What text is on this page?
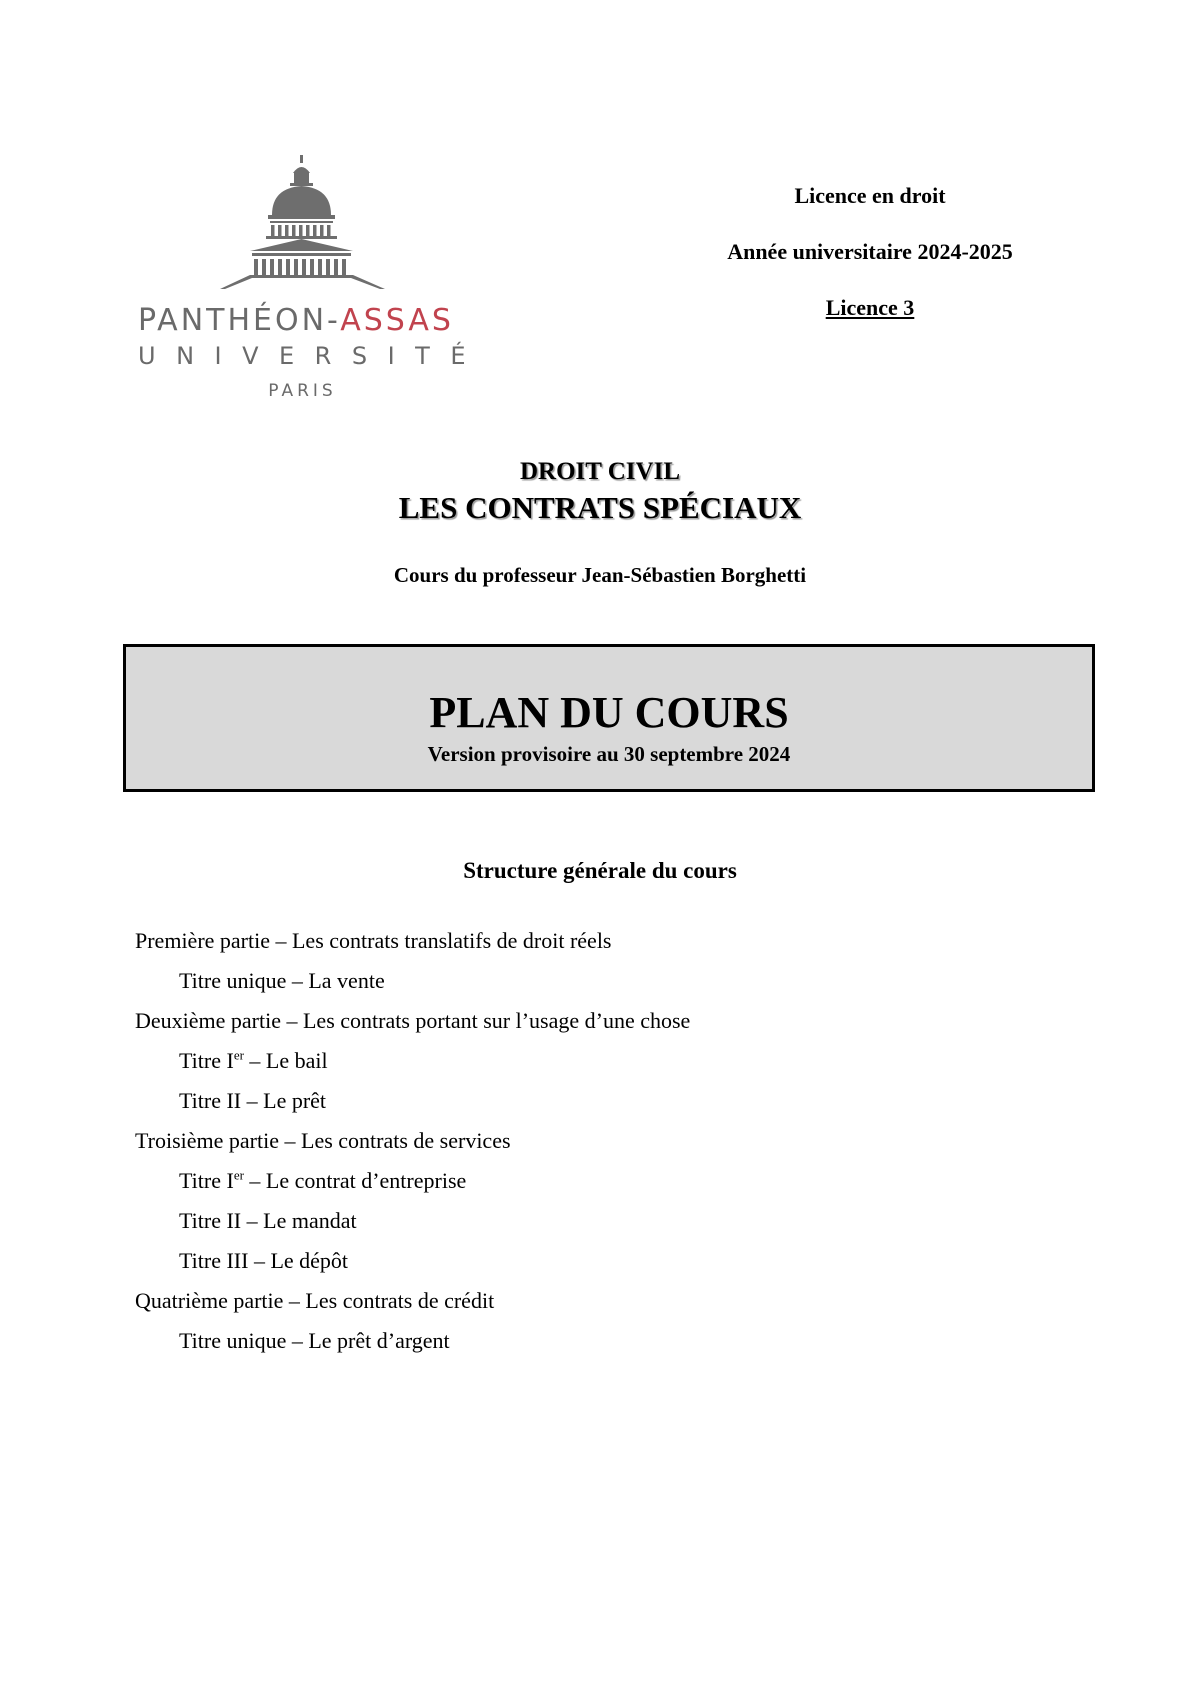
PANTHÉON-ASSAS
UNIVERSITÉ
PARIS
Licence en droit
Année universitaire 2024-2025
Licence 3
DROIT CIVIL
LES CONTRATS SPÉCIAUX
Cours du professeur Jean-Sébastien Borghetti
PLAN DU COURS
Version provisoire au 30 septembre 2024
Structure générale du cours
Première partie – Les contrats translatifs de droit réels
Titre unique – La vente
Deuxième partie – Les contrats portant sur l’usage d’une chose
Titre Ier – Le bail
Titre II – Le prêt
Troisième partie – Les contrats de services
Titre Ier – Le contrat d’entreprise
Titre II – Le mandat
Titre III – Le dépôt
Quatrième partie – Les contrats de crédit
Titre unique – Le prêt d’argent
